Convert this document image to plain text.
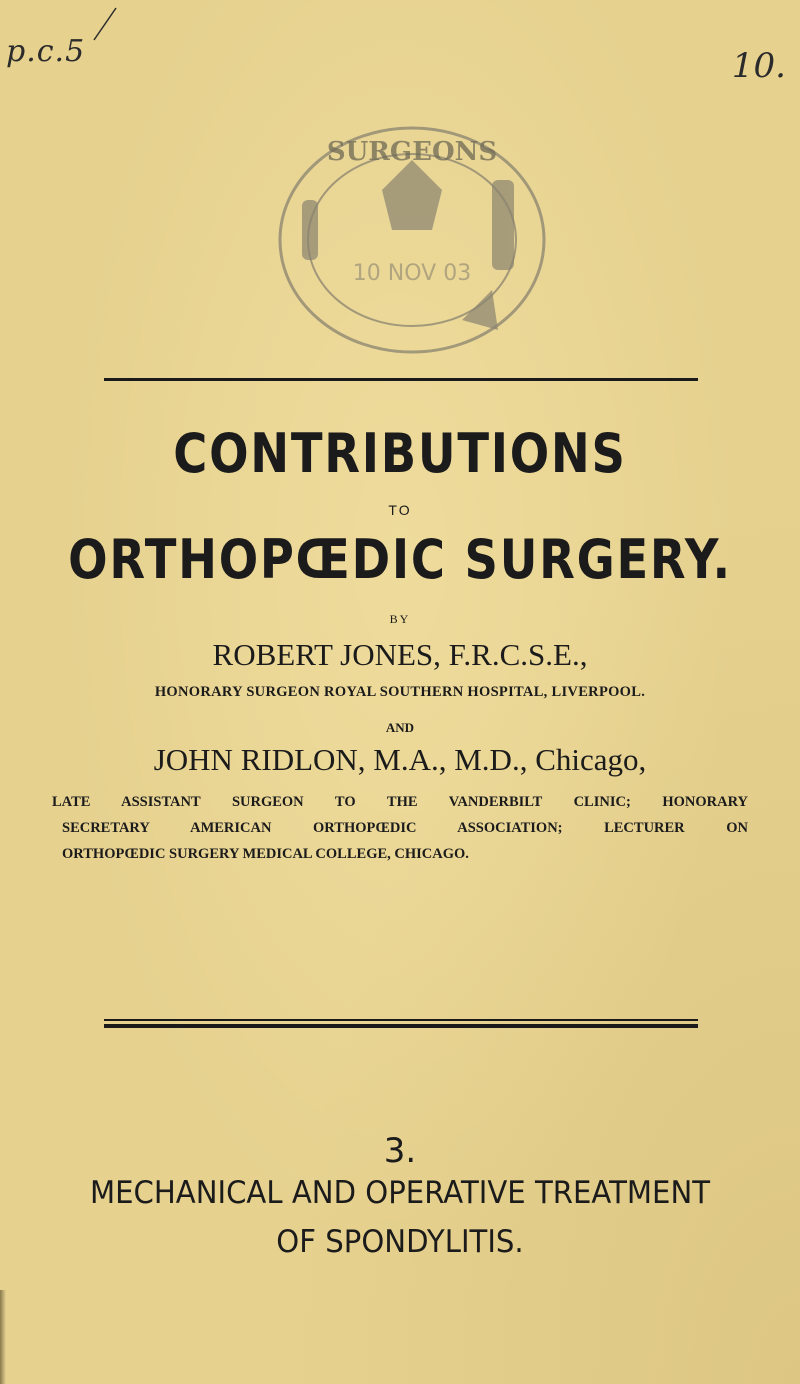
p.c.5	10.
SURGEONS
10 NOV 03
CONTRIBUTIONS
TO
ORTHOPŒDIC SURGERY.
BY
ROBERT JONES, F.R.C.S.E.,
HONORARY SURGEON ROYAL SOUTHERN HOSPITAL, LIVERPOOL.
AND
JOHN RIDLON, M.A., M.D., Chicago,
LATE ASSISTANT SURGEON TO THE VANDERBILT CLINIC; HONORARY
SECRETARY AMERICAN ORTHOPŒDIC ASSOCIATION; LECTURER ON
ORTHOPŒDIC SURGERY MEDICAL COLLEGE, CHICAGO.
3.
MECHANICAL AND OPERATIVE TREATMENT
OF SPONDYLITIS.
